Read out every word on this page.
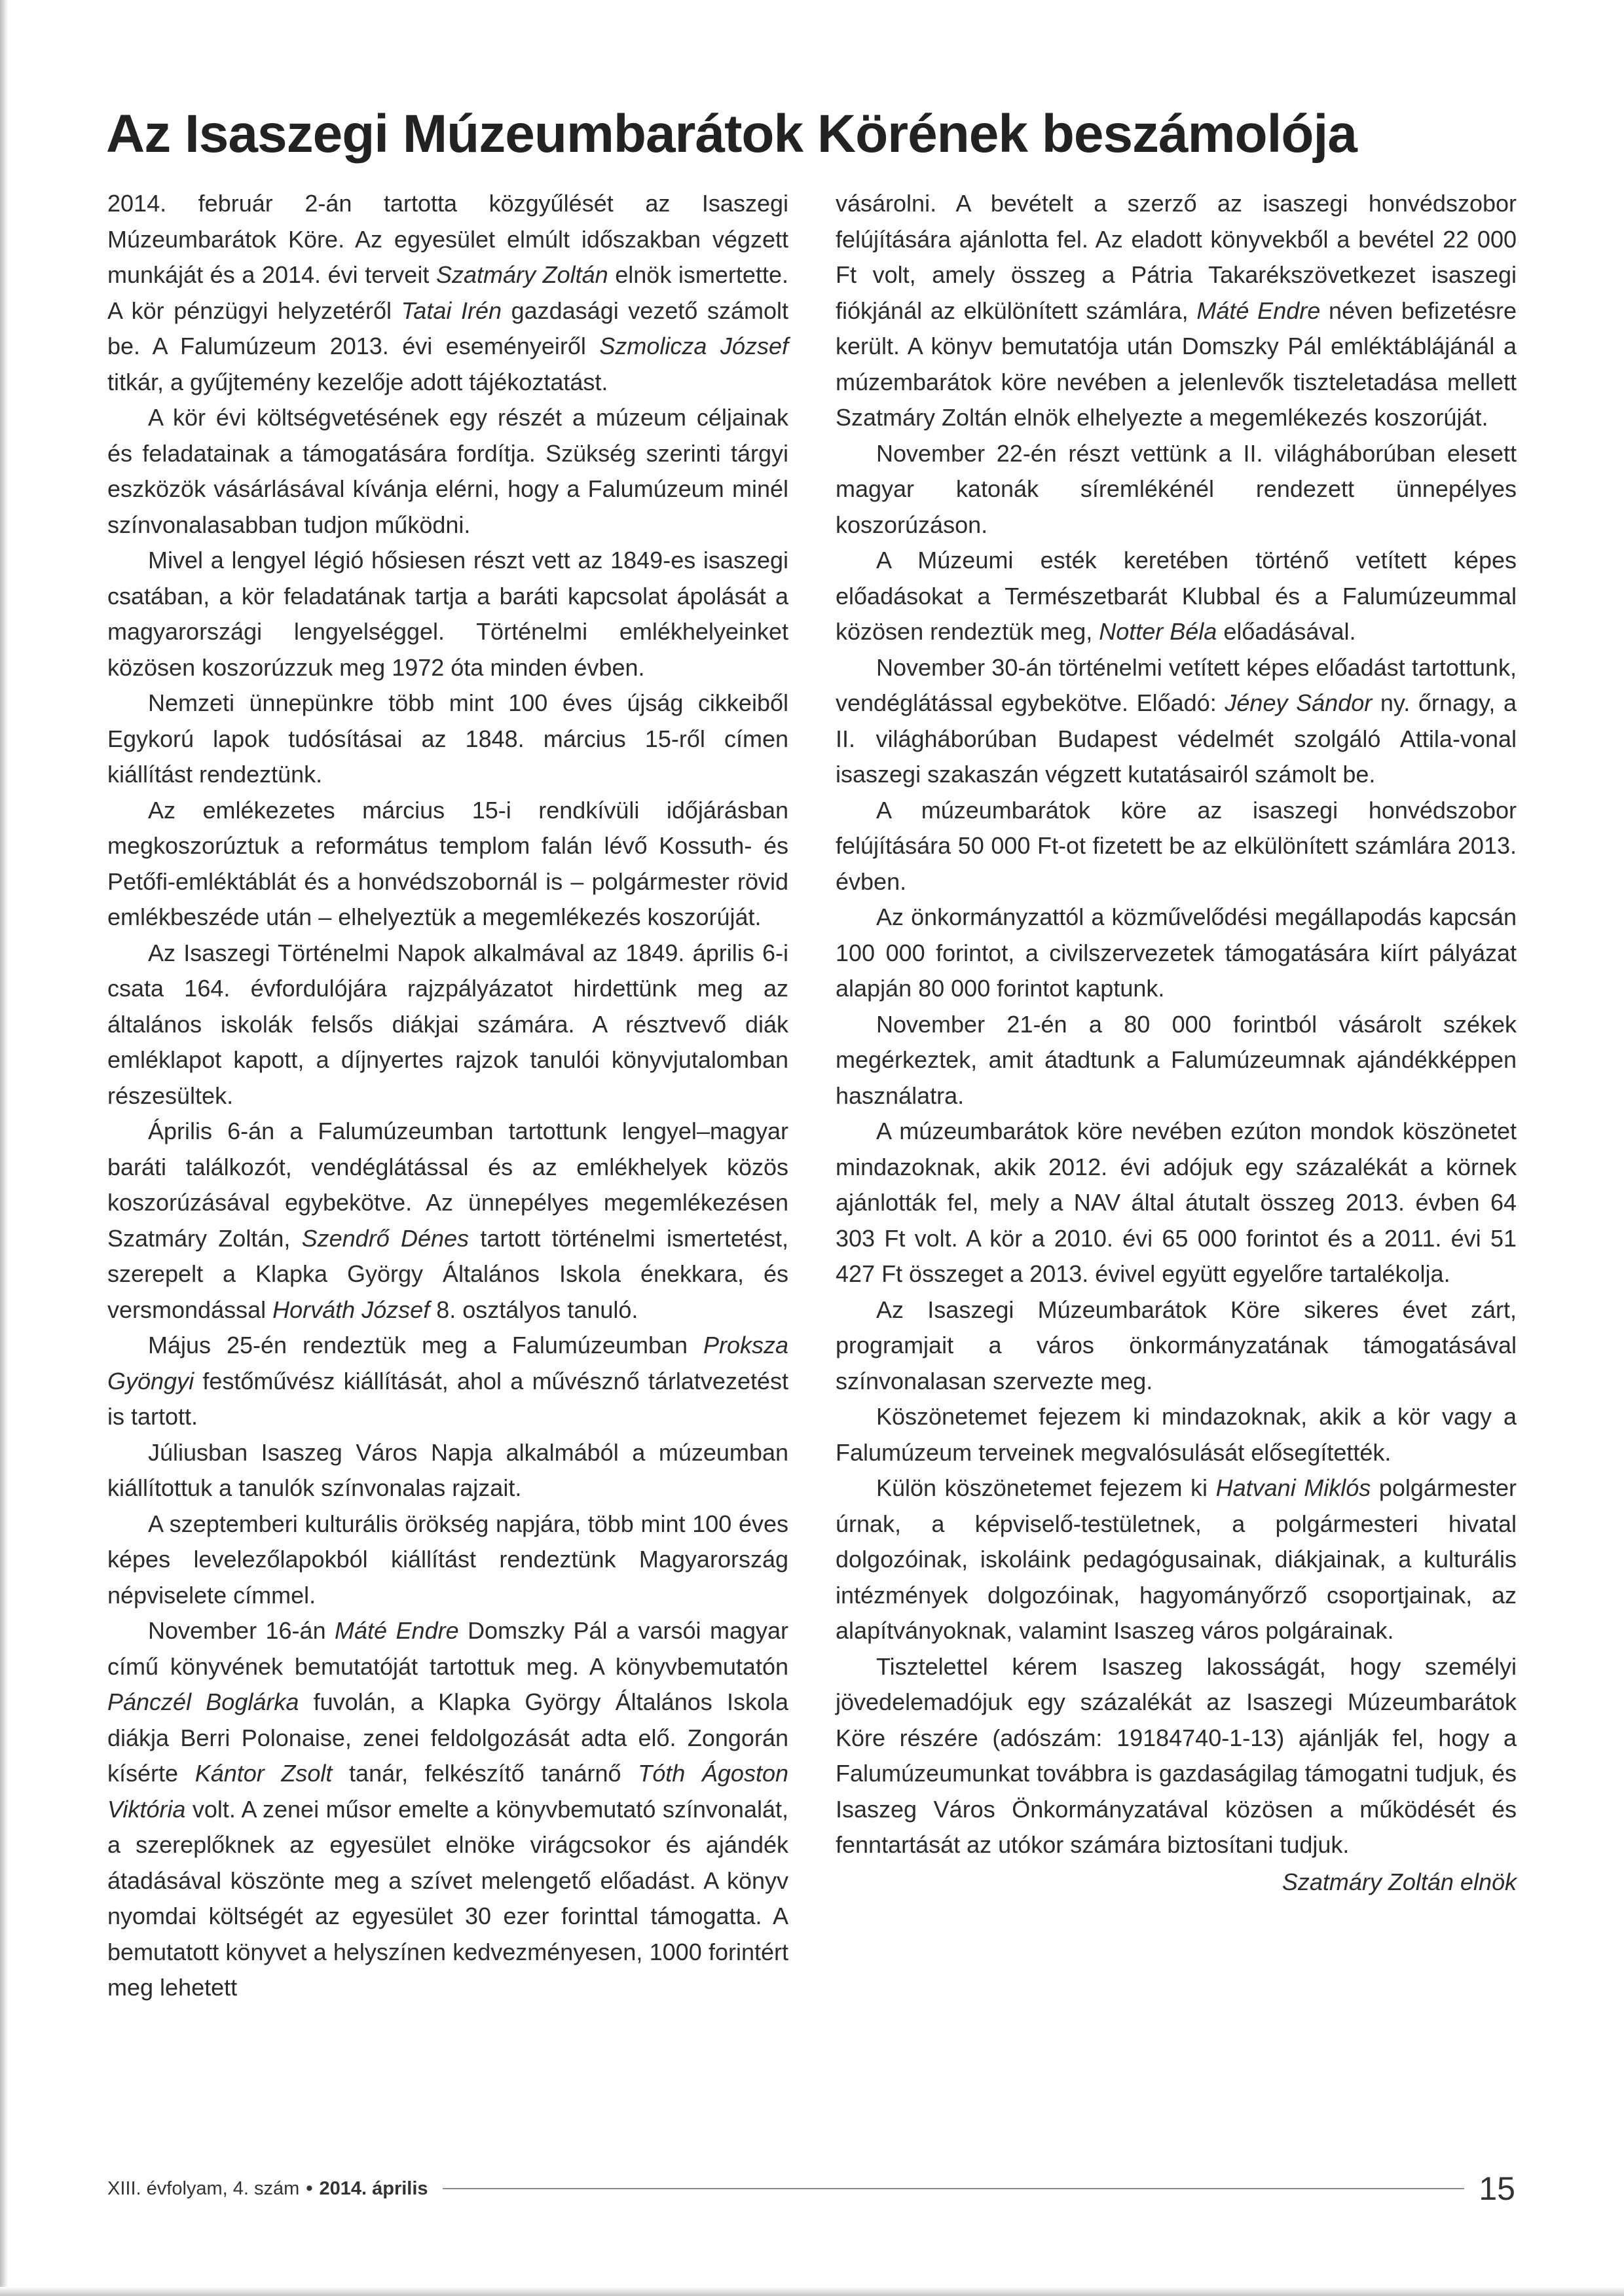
Az Isaszegi Múzeumbarátok Körének beszámolója

2014. február 2-án tartotta közgyűlését az Isaszegi Múzeumbarátok Köre. Az egyesület elmúlt időszakban végzett munkáját és a 2014. évi terveit Szatmáry Zoltán elnök ismertette. A kör pénzügyi helyzetéről Tatai Irén gazdasági vezető számolt be. A Falumúzeum 2013. évi eseményeiről Szmolicza József titkár, a gyűjtemény kezelője adott tájékoztatást.

A kör évi költségvetésének egy részét a múzeum céljainak és feladatainak a támogatására fordítja. Szükség szerinti tárgyi eszközök vásárlásával kívánja elérni, hogy a Falumúzeum minél színvonalasabban tudjon működni.

Mivel a lengyel légió hősiesen részt vett az 1849-es isaszegi csatában, a kör feladatának tartja a baráti kapcsolat ápolását a magyarországi lengyelséggel. Történelmi emlékhelyeinket közösen koszorúzzuk meg 1972 óta minden évben.

Nemzeti ünnepünkre több mint 100 éves újság cikkeiből Egykorú lapok tudósításai az 1848. március 15-ről címen kiállítást rendeztünk.

Az emlékezetes március 15-i rendkívüli időjárásban megkoszorúztuk a református templom falán lévő Kossuth- és Petőfi-emléktáblát és a honvédszobornál is – polgármester rövid emlékbeszéde után – elhelyeztük a megemlékezés koszorúját.

Az Isaszegi Történelmi Napok alkalmával az 1849. április 6-i csata 164. évfordulójára rajzpályázatot hirdettünk meg az általános iskolák felsős diákjai számára. A résztvevő diák emléklapot kapott, a díjnyertes rajzok tanulói könyvjutalomban részesültek.

Április 6-án a Falumúzeumban tartottunk lengyel–magyar baráti találkozót, vendéglátással és az emlékhelyek közös koszorúzásával egybekötve. Az ünnepélyes megemlékezésen Szatmáry Zoltán, Szendrő Dénes tartott történelmi ismertetést, szerepelt a Klapka György Általános Iskola énekkara, és versmondással Horváth József 8. osztályos tanuló.

Május 25-én rendeztük meg a Falumúzeumban Proksza Gyöngyi festőművész kiállítását, ahol a művésznő tárlatvezetést is tartott.

Júliusban Isaszeg Város Napja alkalmából a múzeumban kiállítottuk a tanulók színvonalas rajzait.

A szeptemberi kulturális örökség napjára, több mint 100 éves képes levelezőlapokból kiállítást rendeztünk Magyarország népviselete címmel.

November 16-án Máté Endre Domszky Pál a varsói magyar című könyvének bemutatóját tartottuk meg. A könyvbemutatón Pánczél Boglárka fuvolán, a Klapka György Általános Iskola diákja Berri Polonaise, zenei feldolgozását adta elő. Zongorán kísérte Kántor Zsolt tanár, felkészítő tanárnő Tóth Ágoston Viktória volt. A zenei műsor emelte a könyvbemutató színvonalát, a szereplőknek az egyesület elnöke virágcsokor és ajándék átadásával köszönte meg a szívet melengető előadást. A könyv nyomdai költségét az egyesület 30 ezer forinttal támogatta. A bemutatott könyvet a helyszínen kedvezményesen, 1000 forintért meg lehetett

vásárolni. A bevételt a szerző az isaszegi honvédszobor felújítására ajánlotta fel. Az eladott könyvekből a bevétel 22 000 Ft volt, amely összeg a Pátria Takarékszövetkezet isaszegi fiókjánál az elkülönített számlára, Máté Endre néven befizetésre került. A könyv bemutatója után Domszky Pál emléktáblájánál a múzembarátok köre nevében a jelenlevők tiszteletadása mellett Szatmáry Zoltán elnök elhelyezte a megemlékezés koszorúját.

November 22-én részt vettünk a II. világháborúban elesett magyar katonák síremlékénél rendezett ünnepélyes koszorúzáson.

A Múzeumi esték keretében történő vetített képes előadásokat a Természetbarát Klubbal és a Falumúzeummal közösen rendeztük meg, Notter Béla előadásával.

November 30-án történelmi vetített képes előadást tartottunk, vendéglátással egybekötve. Előadó: Jéney Sándor ny. őrnagy, a II. világháborúban Budapest védelmét szolgáló Attila-vonal isaszegi szakaszán végzett kutatásairól számolt be.

A múzeumbarátok köre az isaszegi honvédszobor felújítására 50 000 Ft-ot fizetett be az elkülönített számlára 2013. évben.

Az önkormányzattól a közművelődési megállapodás kapcsán 100 000 forintot, a civilszervezetek támogatására kiírt pályázat alapján 80 000 forintot kaptunk.

November 21-én a 80 000 forintból vásárolt székek megérkeztek, amit átadtunk a Falumúzeumnak ajándékképpen használatra.

A múzeumbarátok köre nevében ezúton mondok köszönetet mindazoknak, akik 2012. évi adójuk egy százalékát a körnek ajánlották fel, mely a NAV által átutalt összeg 2013. évben 64 303 Ft volt. A kör a 2010. évi 65 000 forintot és a 2011. évi 51 427 Ft összeget a 2013. évivel együtt egyelőre tartalékolja.

Az Isaszegi Múzeumbarátok Köre sikeres évet zárt, programjait a város önkormányzatának támogatásával színvonalasan szervezte meg.

Köszönetemet fejezem ki mindazoknak, akik a kör vagy a Falumúzeum terveinek megvalósulását elősegítették.

Külön köszönetemet fejezem ki Hatvani Miklós polgármester úrnak, a képviselő-testületnek, a polgármesteri hivatal dolgozóinak, iskoláink pedagógusainak, diákjainak, a kulturális intézmények dolgozóinak, hagyományőrző csoportjainak, az alapítványoknak, valamint Isaszeg város polgárainak.

Tisztelettel kérem Isaszeg lakosságát, hogy személyi jövedelemadójuk egy százalékát az Isaszegi Múzeumbarátok Köre részére (adószám: 19184740-1-13) ajánlják fel, hogy a Falumúzeumunkat továbbra is gazdaságilag támogatni tudjuk, és Isaszeg Város Önkormányzatával közösen a működését és fenntartását az utókor számára biztosítani tudjuk.

Szatmáry Zoltán elnök

XIII. évfolyam, 4. szám • 2014. április	15
